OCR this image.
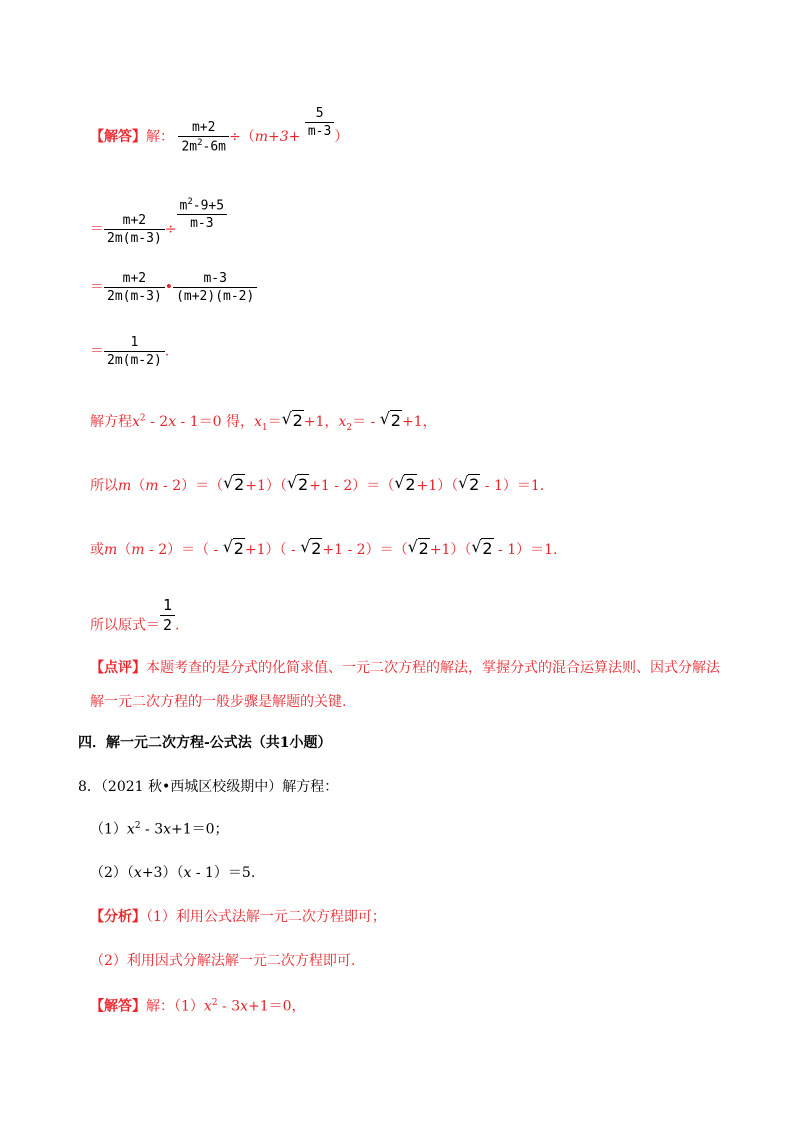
【解答】解： $\frac{m+2}{2m^2-6m} \div(m+3+ \frac{5}{m-3}$ ）
＝ $\frac{m+2}{2m(m-3)} \div \frac{m^2-9+5}{m-3}$
＝ $\frac{m+2}{2m(m-3)}$ • $\frac{m-3}{(m+2)(m-2)}$
＝ $\frac{1}{2m(m-2)}$ .
解方程$x^2 - 2x - 1=0$ 得，$x_1=$ √ 2+1，$x_2=$ - √ 2+1，
所以m（m - 2）＝（ √ 2+1）（ √ 2+1 - 2）＝（ √ 2+1）（ √ 2 - 1）＝1.
或m（m - 2）＝（ - √ 2+1）（ - √ 2+1 - 2）＝（ √ 2+1）（ √ 2 - 1）＝1.
所以原式＝ $\frac{1}{2}$ .
【点评】本题考查的是分式的化简求值、一元二次方程的解法，掌握分式的混合运算法则、因式分解法
解一元二次方程的一般步骤是解题的关键.
四．解一元二次方程-公式法（共1小题）
8．（2021 秋•西城区校级期中）解方程：
$(1)x^2 - 3x+1=0$；
（2）（x+3）（x - 1）＝5.
【分析】（1）利用公式法解一元二次方程即可；
（2）利用因式分解法解一元二次方程即可.
【解答】解：$(1)x^2 - 3x+1=0$，
